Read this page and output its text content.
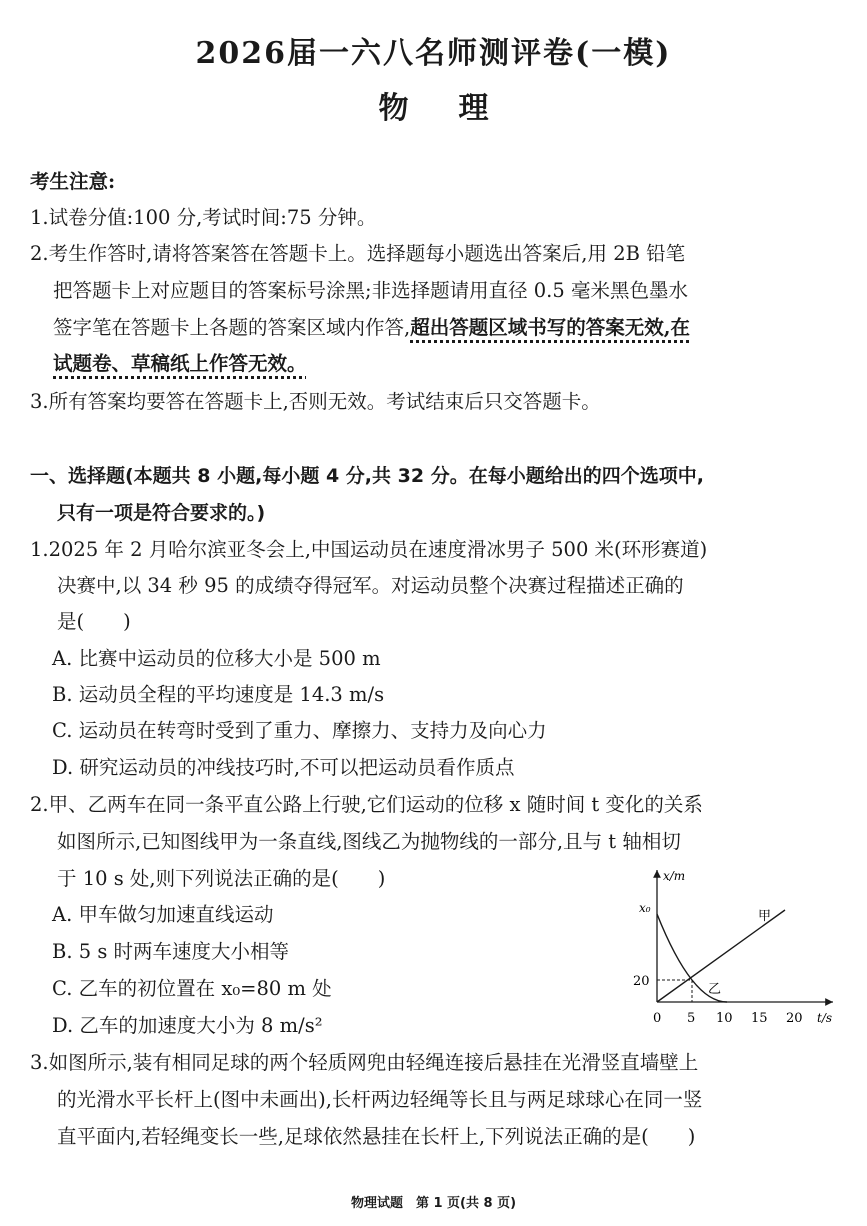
2026届一六八名师测评卷(一模)
物理
考生注意:
1.试卷分值:100 分,考试时间:75 分钟。
2.考生作答时,请将答案答在答题卡上。选择题每小题选出答案后,用 2B 铅笔
把答题卡上对应题目的答案标号涂黑;非选择题请用直径 0.5 毫米黑色墨水
签字笔在答题卡上各题的答案区域内作答,超出答题区域书写的答案无效,在
试题卷、草稿纸上作答无效。
3.所有答案均要答在答题卡上,否则无效。考试结束后只交答题卡。
一、选择题(本题共 8 小题,每小题 4 分,共 32 分。在每小题给出的四个选项中,
只有一项是符合要求的。)
1.2025 年 2 月哈尔滨亚冬会上,中国运动员在速度滑冰男子 500 米(环形赛道)
决赛中,以 34 秒 95 的成绩夺得冠军。对运动员整个决赛过程描述正确的
是(　　)
A. 比赛中运动员的位移大小是 500 m
B. 运动员全程的平均速度是 14.3 m/s
C. 运动员在转弯时受到了重力、摩擦力、支持力及向心力
D. 研究运动员的冲线技巧时,不可以把运动员看作质点
2.甲、乙两车在同一条平直公路上行驶,它们运动的位移 x 随时间 t 变化的关系
如图所示,已知图线甲为一条直线,图线乙为抛物线的一部分,且与 t 轴相切
于 10 s 处,则下列说法正确的是(　　)
A. 甲车做匀加速直线运动
B. 5 s 时两车速度大小相等
C. 乙车的初位置在 x₀=80 m 处
D. 乙车的加速度大小为 8 m/s²
x/m
t/s
x₀
20
0 5 10 15 20
甲
乙
3.如图所示,装有相同足球的两个轻质网兜由轻绳连接后悬挂在光滑竖直墙壁上
的光滑水平长杆上(图中未画出),长杆两边轻绳等长且与两足球球心在同一竖
直平面内,若轻绳变长一些,足球依然悬挂在长杆上,下列说法正确的是(　　)
物理试题　第 1 页(共 8 页)
